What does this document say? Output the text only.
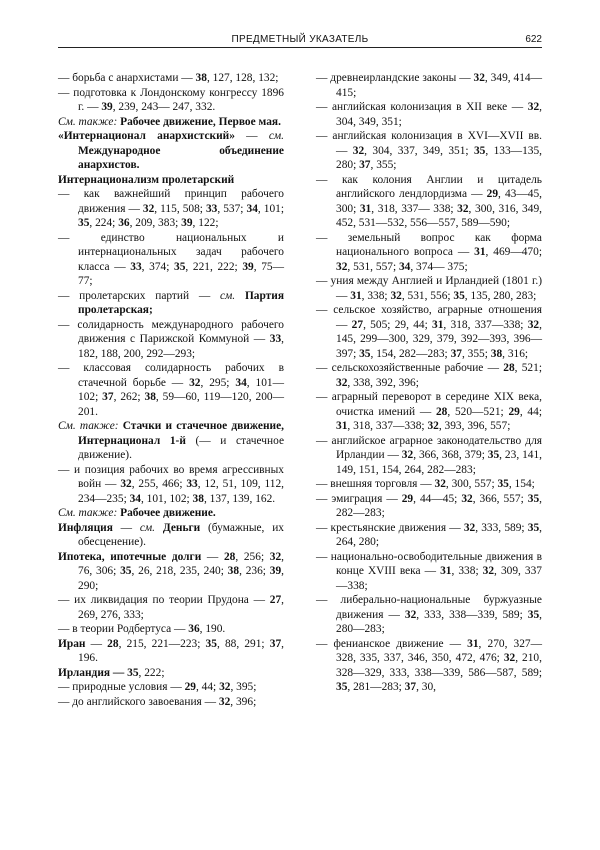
ПРЕДМЕТНЫЙ УКАЗАТЕЛЬ	622

— борьба с анархистами — 38, 127, 128, 132;

— подготовка к Лондонскому конгрессу 1896 г. — 39, 239, 243— 247, 332.

См. также: Рабочее движение, Первое мая.

«Интернационал анархистский» — см. Международное объединение анархистов.

Интернационализм пролетарский

— как важнейший принцип рабочего движения — 32, 115, 508; 33, 537; 34, 101; 35, 224; 36, 209, 383; 39, 122;

— единство национальных и интернациональных задач рабочего класса — 33, 374; 35, 221, 222; 39, 75—77;

— пролетарских партий — см. Партия пролетарская;

— солидарность международного рабочего движения с Парижской Коммуной — 33, 182, 188, 200, 292—293;

— классовая солидарность рабочих в стачечной борьбе — 32, 295; 34, 101—102; 37, 262; 38, 59—60, 119—120, 200—201.

См. также: Стачки и стачечное движение, Интернационал 1-й (— и стачечное движение).

— и позиция рабочих во время агрессивных войн — 32, 255, 466; 33, 12, 51, 109, 112, 234—235; 34, 101, 102; 38, 137, 139, 162.

См. также: Рабочее движение.

Инфляция — см. Деньги (бумажные, их обесценение).

Ипотека, ипотечные долги — 28, 256; 32, 76, 306; 35, 26, 218, 235, 240; 38, 236; 39, 290;

— их ликвидация по теории Прудона — 27, 269, 276, 333;

— в теории Родбертуса — 36, 190.

Иран — 28, 215, 221—223; 35, 88, 291; 37, 196.

Ирландия — 35, 222;

— природные условия — 29, 44; 32, 395;

— до английского завоевания — 32, 396;

— древнеирландские законы — 32, 349, 414—415;

— английская колонизация в XII веке — 32, 304, 349, 351;

— английская колонизация в XVI—XVII вв. — 32, 304, 337, 349, 351; 35, 133—135, 280; 37, 355;

— как колония Англии и цитадель английского лендлордизма — 29, 43—45, 300; 31, 318, 337— 338; 32, 300, 316, 349, 452, 531—532, 556—557, 589—590;

— земельный вопрос как форма национального вопроса — 31, 469—470; 32, 531, 557; 34, 374— 375;

— уния между Англией и Ирландией (1801 г.) — 31, 338; 32, 531, 556; 35, 135, 280, 283;

— сельское хозяйство, аграрные отношения — 27, 505; 29, 44; 31, 318, 337—338; 32, 145, 299—300, 329, 379, 392—393, 396—397; 35, 154, 282—283; 37, 355; 38, 316;

— сельскохозяйственные рабочие — 28, 521; 32, 338, 392, 396;

— аграрный переворот в середине XIX века, очистка имений — 28, 520—521; 29, 44; 31, 318, 337—338; 32, 393, 396, 557;

— английское аграрное законодательство для Ирландии — 32, 366, 368, 379; 35, 23, 141, 149, 151, 154, 264, 282—283;

— внешняя торговля — 32, 300, 557; 35, 154;

— эмиграция — 29, 44—45; 32, 366, 557; 35, 282—283;

— крестьянские движения — 32, 333, 589; 35, 264, 280;

— национально-освободительные движения в конце XVIII века — 31, 338; 32, 309, 337—338;

— либерально-национальные буржуазные движения — 32, 333, 338—339, 589; 35, 280—283;

— фенианское движение — 31, 270, 327—328, 335, 337, 346, 350, 472, 476; 32, 210, 328—329, 333, 338—339, 586—587, 589; 35, 281—283; 37, 30,
